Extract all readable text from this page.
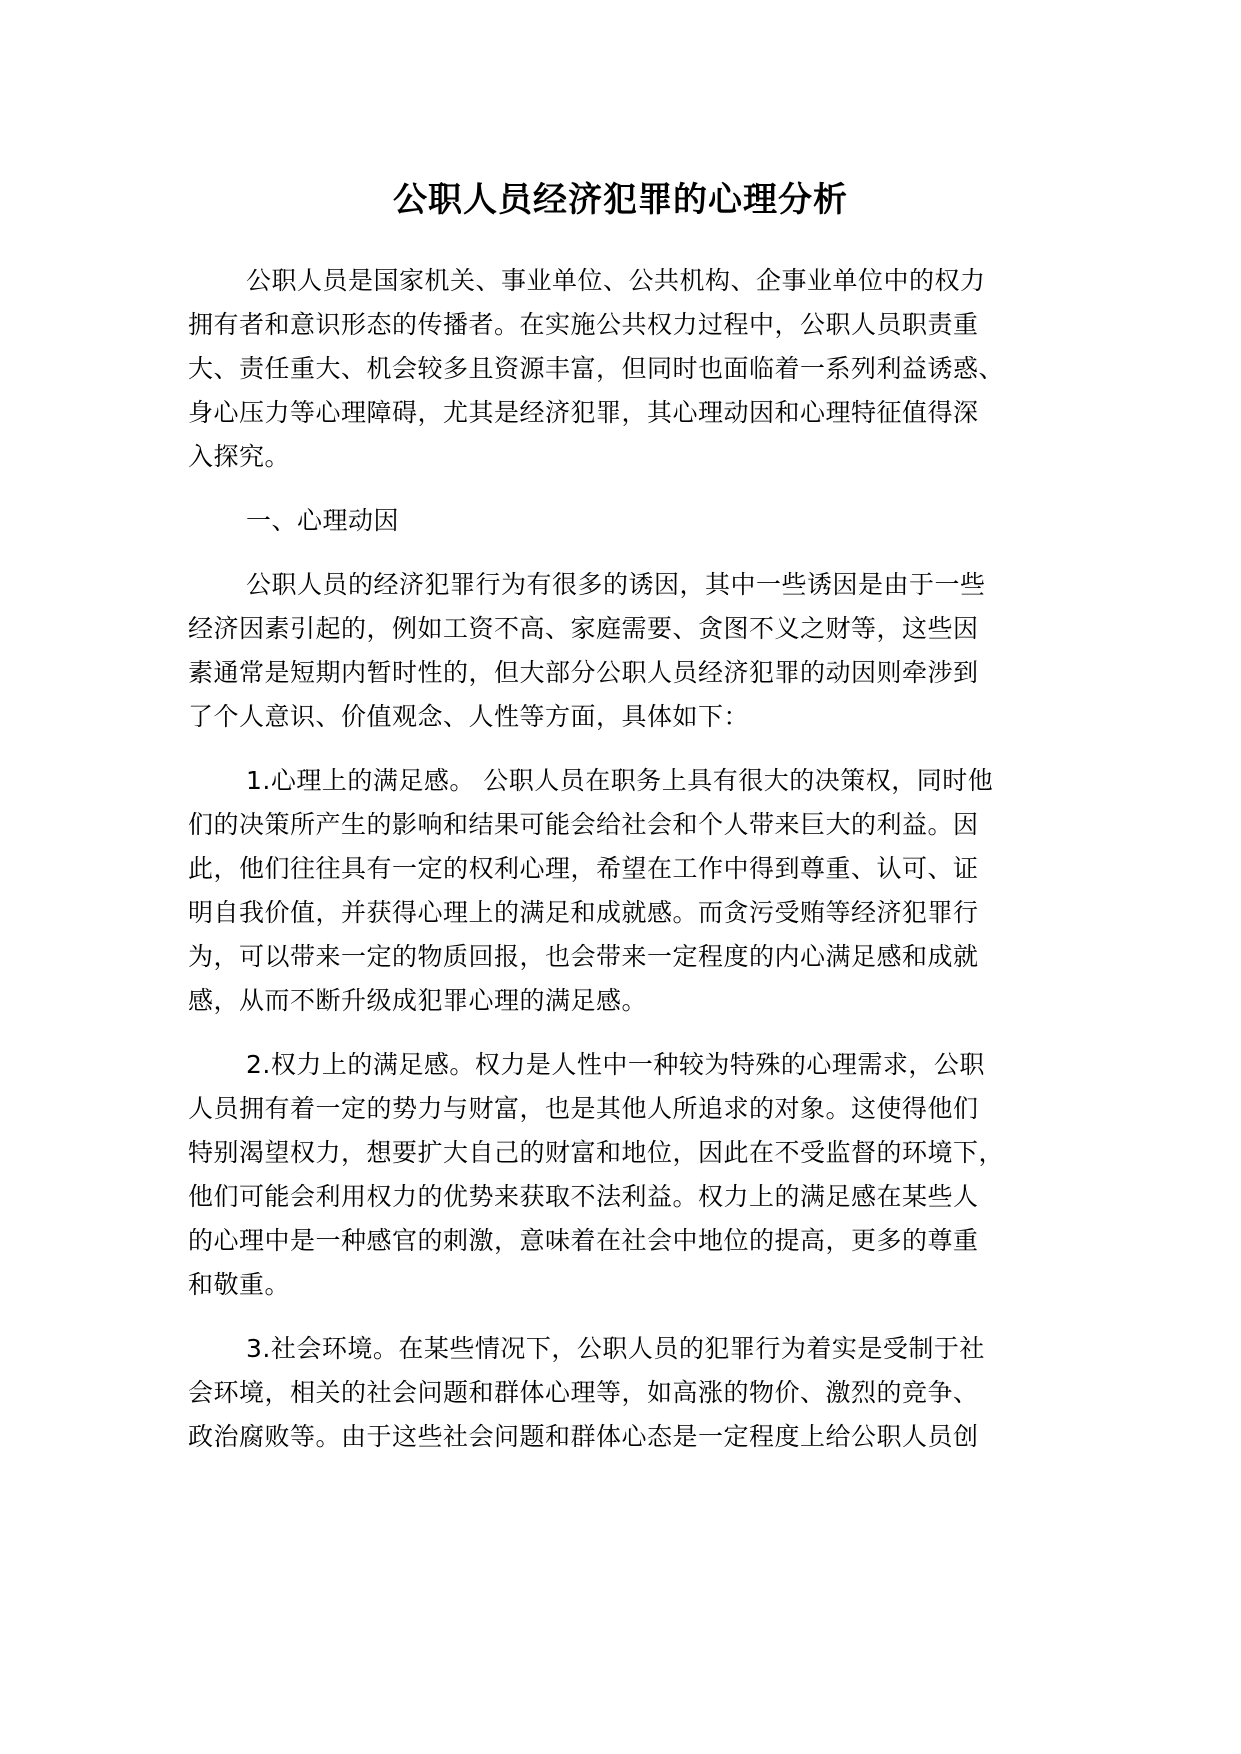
公职人员经济犯罪的心理分析

公职人员是国家机关、事业单位、公共机构、企事业单位中的权力

拥有者和意识形态的传播者。在实施公共权力过程中，公职人员职责重

大、责任重大、机会较多且资源丰富，但同时也面临着一系列利益诱惑、

身心压力等心理障碍，尤其是经济犯罪，其心理动因和心理特征值得深

入探究。

一、心理动因

公职人员的经济犯罪行为有很多的诱因，其中一些诱因是由于一些

经济因素引起的，例如工资不高、家庭需要、贪图不义之财等，这些因

素通常是短期内暂时性的，但大部分公职人员经济犯罪的动因则牵涉到

了个人意识、价值观念、人性等方面，具体如下：

1.心理上的满足感。 公职人员在职务上具有很大的决策权，同时他

们的决策所产生的影响和结果可能会给社会和个人带来巨大的利益。因

此，他们往往具有一定的权利心理，希望在工作中得到尊重、认可、证

明自我价值，并获得心理上的满足和成就感。而贪污受贿等经济犯罪行

为，可以带来一定的物质回报，也会带来一定程度的内心满足感和成就

感，从而不断升级成犯罪心理的满足感。

2.权力上的满足感。权力是人性中一种较为特殊的心理需求，公职

人员拥有着一定的势力与财富，也是其他人所追求的对象。这使得他们

特别渴望权力，想要扩大自己的财富和地位，因此在不受监督的环境下，

他们可能会利用权力的优势来获取不法利益。权力上的满足感在某些人

的心理中是一种感官的刺激，意味着在社会中地位的提高，更多的尊重

和敬重。

3.社会环境。在某些情况下，公职人员的犯罪行为着实是受制于社

会环境，相关的社会问题和群体心理等，如高涨的物价、激烈的竞争、

政治腐败等。由于这些社会问题和群体心态是一定程度上给公职人员创
